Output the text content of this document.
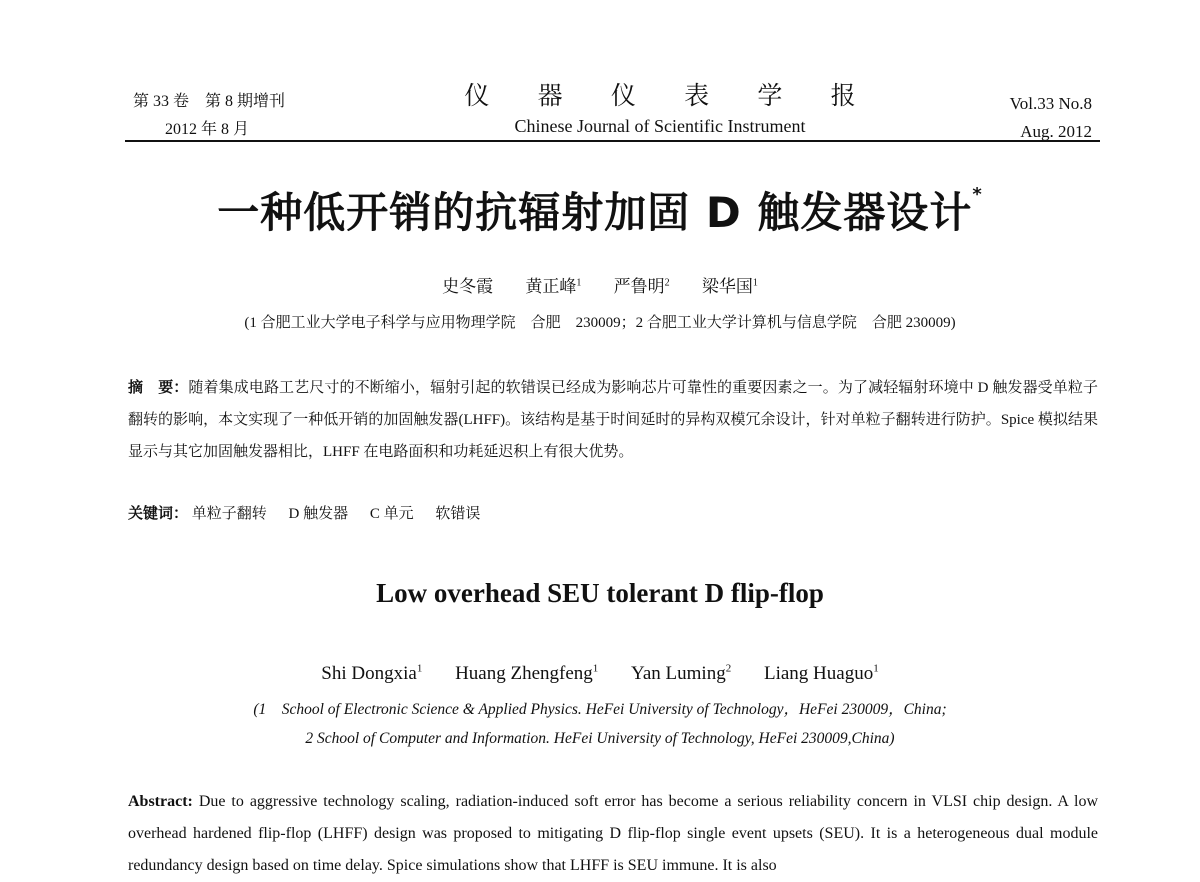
第 33 卷　第 8 期增刊
2012 年 8 月
仪 器 仪 表 学 报
Chinese Journal of Scientific Instrument
Vol.33 No.8
Aug. 2012
一种低开销的抗辐射加固 D 触发器设计*
史冬霞 黄正峰$^1$ 严鲁明$^2$ 梁华国$^1$
(1 合肥工业大学电子科学与应用物理学院　合肥　230009；2 合肥工业大学计算机与信息学院　合肥 230009)
摘　要：随着集成电路工艺尺寸的不断缩小，辐射引起的软错误已经成为影响芯片可靠性的重要因素之一。为了减轻辐射环境中 D 触发器受单粒子翻转的影响，本文实现了一种低开销的加固触发器(LHFF)。该结构是基于时间延时的异构双模冗余设计，针对单粒子翻转进行防护。Spice 模拟结果显示与其它加固触发器相比，LHFF 在电路面积和功耗延迟积上有很大优势。
关键词： 单粒子翻转 D 触发器 C 单元 软错误
Low overhead SEU tolerant D flip-flop
Shi Dongxia$^1$ Huang Zhengfeng$^1$ Yan Luming$^2$ Liang Huaguo$^1$
(1　School of Electronic Science & Applied Physics. HeFei University of Technology，HeFei 230009，China;
2 School of Computer and Information. HeFei University of Technology, HeFei 230009,China)
Abstract: Due to aggressive technology scaling, radiation-induced soft error has become a serious reliability concern in VLSI chip design. A low overhead hardened flip-flop (LHFF) design was proposed to mitigating D flip-flop single event upsets (SEU). It is a heterogeneous dual module redundancy design based on time delay. Spice simulations show that LHFF is SEU immune. It is also
